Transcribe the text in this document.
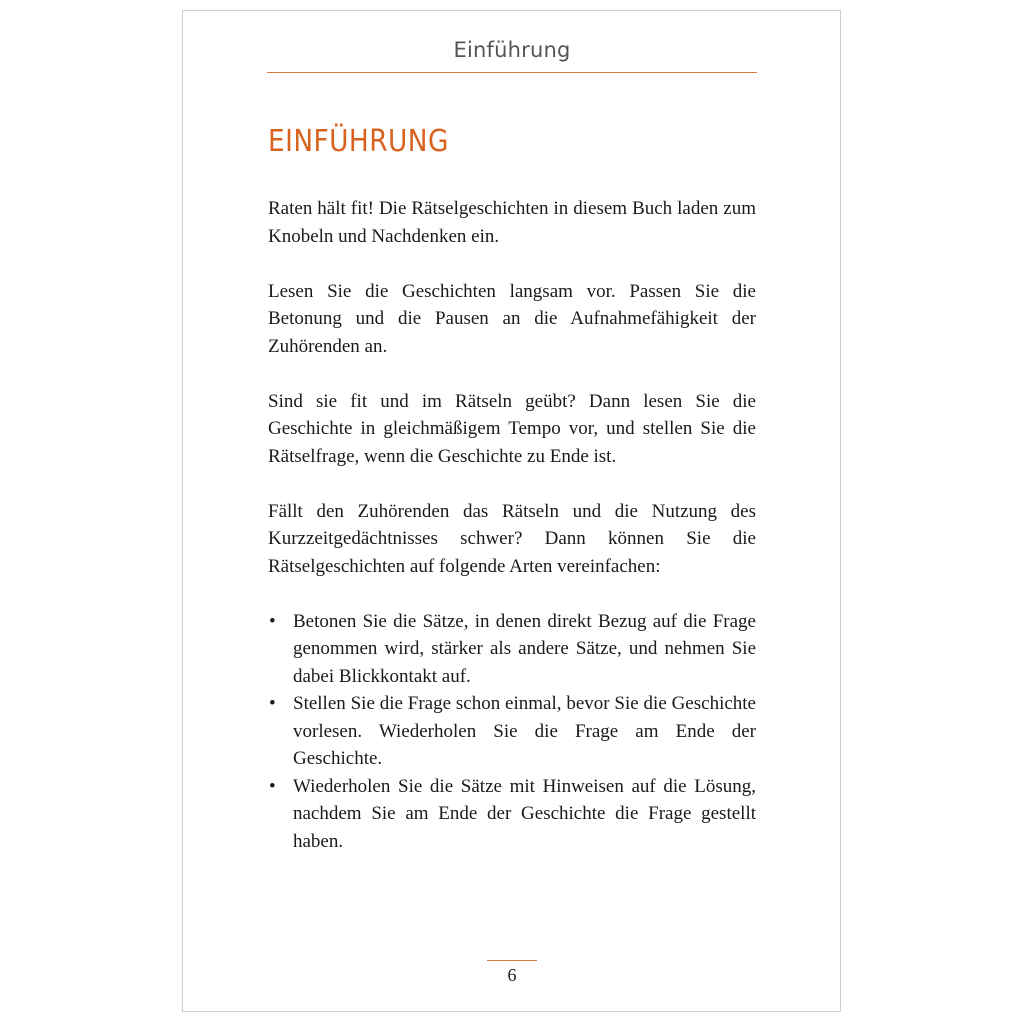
Einführung
EINFÜHRUNG

Raten hält fit! Die Rätselgeschichten in diesem Buch laden zum Knobeln und Nachdenken ein.

Lesen Sie die Geschichten langsam vor. Passen Sie die Betonung und die Pausen an die Aufnahmefähigkeit der Zuhörenden an.

Sind sie fit und im Rätseln geübt? Dann lesen Sie die Geschichte in gleichmäßigem Tempo vor, und stellen Sie die Rätselfrage, wenn die Geschichte zu Ende ist.

Fällt den Zuhörenden das Rätseln und die Nutzung des Kurzzeitgedächtnisses schwer? Dann können Sie die Rätselgeschichten auf folgende Arten vereinfachen:

• Betonen Sie die Sätze, in denen direkt Bezug auf die Frage genommen wird, stärker als andere Sätze, und nehmen Sie dabei Blickkontakt auf.
• Stellen Sie die Frage schon einmal, bevor Sie die Geschichte vorlesen. Wiederholen Sie die Frage am Ende der Geschichte.
• Wiederholen Sie die Sätze mit Hinweisen auf die Lösung, nachdem Sie am Ende der Geschichte die Frage gestellt haben.
6
